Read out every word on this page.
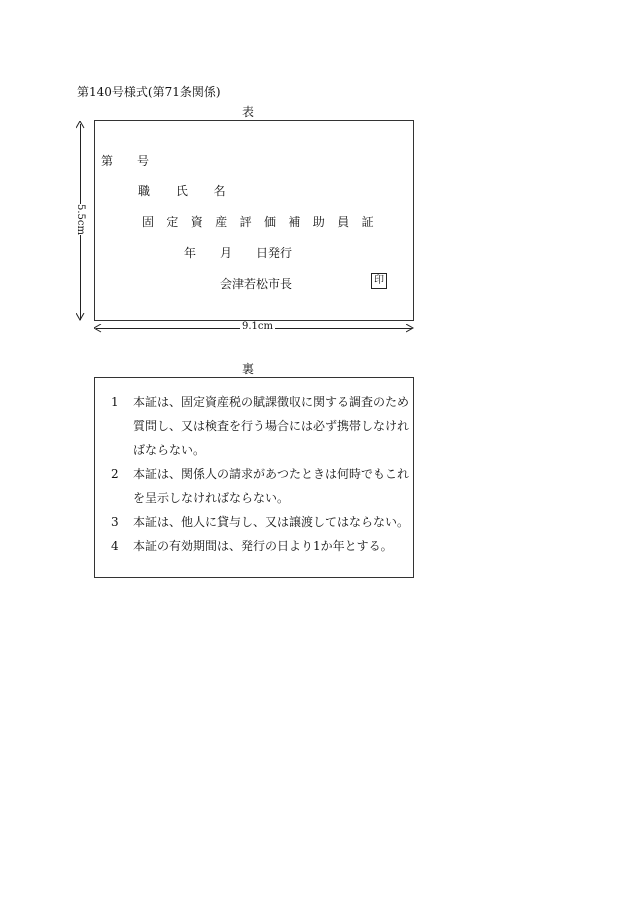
第140号様式(第71条関係)
表
第　　号
職 氏 名
固定資産評価補助員証
年　　月　　日発行
会津若松市長	印
5.5cm
9.1cm
裏
1 本証は、固定資産税の賦課徴収に関する調査のため質問し、又は検査を行う場合には必ず携帯しなければならない。
2 本証は、関係人の請求があつたときは何時でもこれを呈示しなければならない。
3 本証は、他人に貸与し、又は譲渡してはならない。
4 本証の有効期間は、発行の日より1か年とする。
